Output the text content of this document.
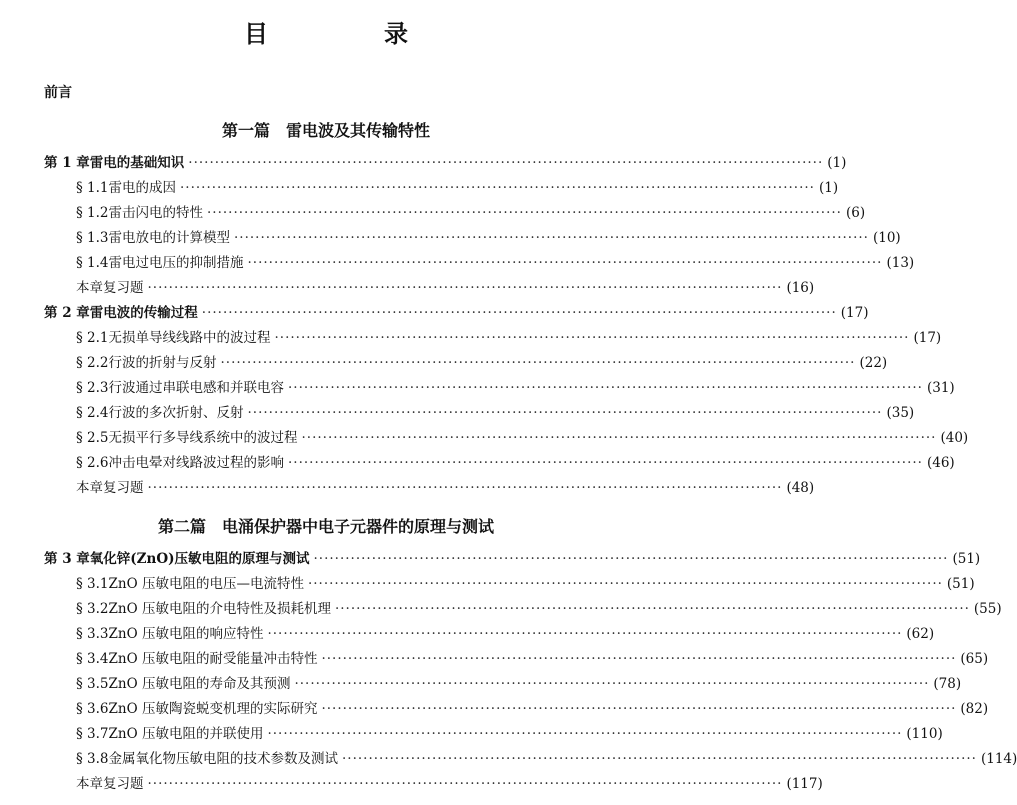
目　录
前言
第一篇　雷电波及其传输特性
第 1 章 雷电的基础知识 ························································································································ (1)
§ 1.1 雷电的成因 ························································································································ (1)
§ 1.2 雷击闪电的特性 ························································································································ (6)
§ 1.3 雷电放电的计算模型 ························································································································ (10)
§ 1.4 雷电过电压的抑制措施 ························································································································ (13)
本章复习题 ························································································································ (16)
第 2 章 雷电波的传输过程 ························································································································ (17)
§ 2.1 无损单导线线路中的波过程 ························································································································ (17)
§ 2.2 行波的折射与反射 ························································································································ (22)
§ 2.3 行波通过串联电感和并联电容 ························································································································ (31)
§ 2.4 行波的多次折射、反射 ························································································································ (35)
§ 2.5 无损平行多导线系统中的波过程 ························································································································ (40)
§ 2.6 冲击电晕对线路波过程的影响 ························································································································ (46)
本章复习题 ························································································································ (48)
第二篇　电涌保护器中电子元器件的原理与测试
第 3 章 氧化锌(ZnO)压敏电阻的原理与测试 ························································································································ (51)
§ 3.1 ZnO 压敏电阻的电压—电流特性 ························································································································ (51)
§ 3.2 ZnO 压敏电阻的介电特性及损耗机理 ························································································································ (55)
§ 3.3 ZnO 压敏电阻的响应特性 ························································································································ (62)
§ 3.4 ZnO 压敏电阻的耐受能量冲击特性 ························································································································ (65)
§ 3.5 ZnO 压敏电阻的寿命及其预测 ························································································································ (78)
§ 3.6 ZnO 压敏陶瓷蜕变机理的实际研究 ························································································································ (82)
§ 3.7 ZnO 压敏电阻的并联使用 ························································································································ (110)
§ 3.8 金属氧化物压敏电阻的技术参数及测试 ························································································································ (114)
本章复习题 ························································································································ (117)
